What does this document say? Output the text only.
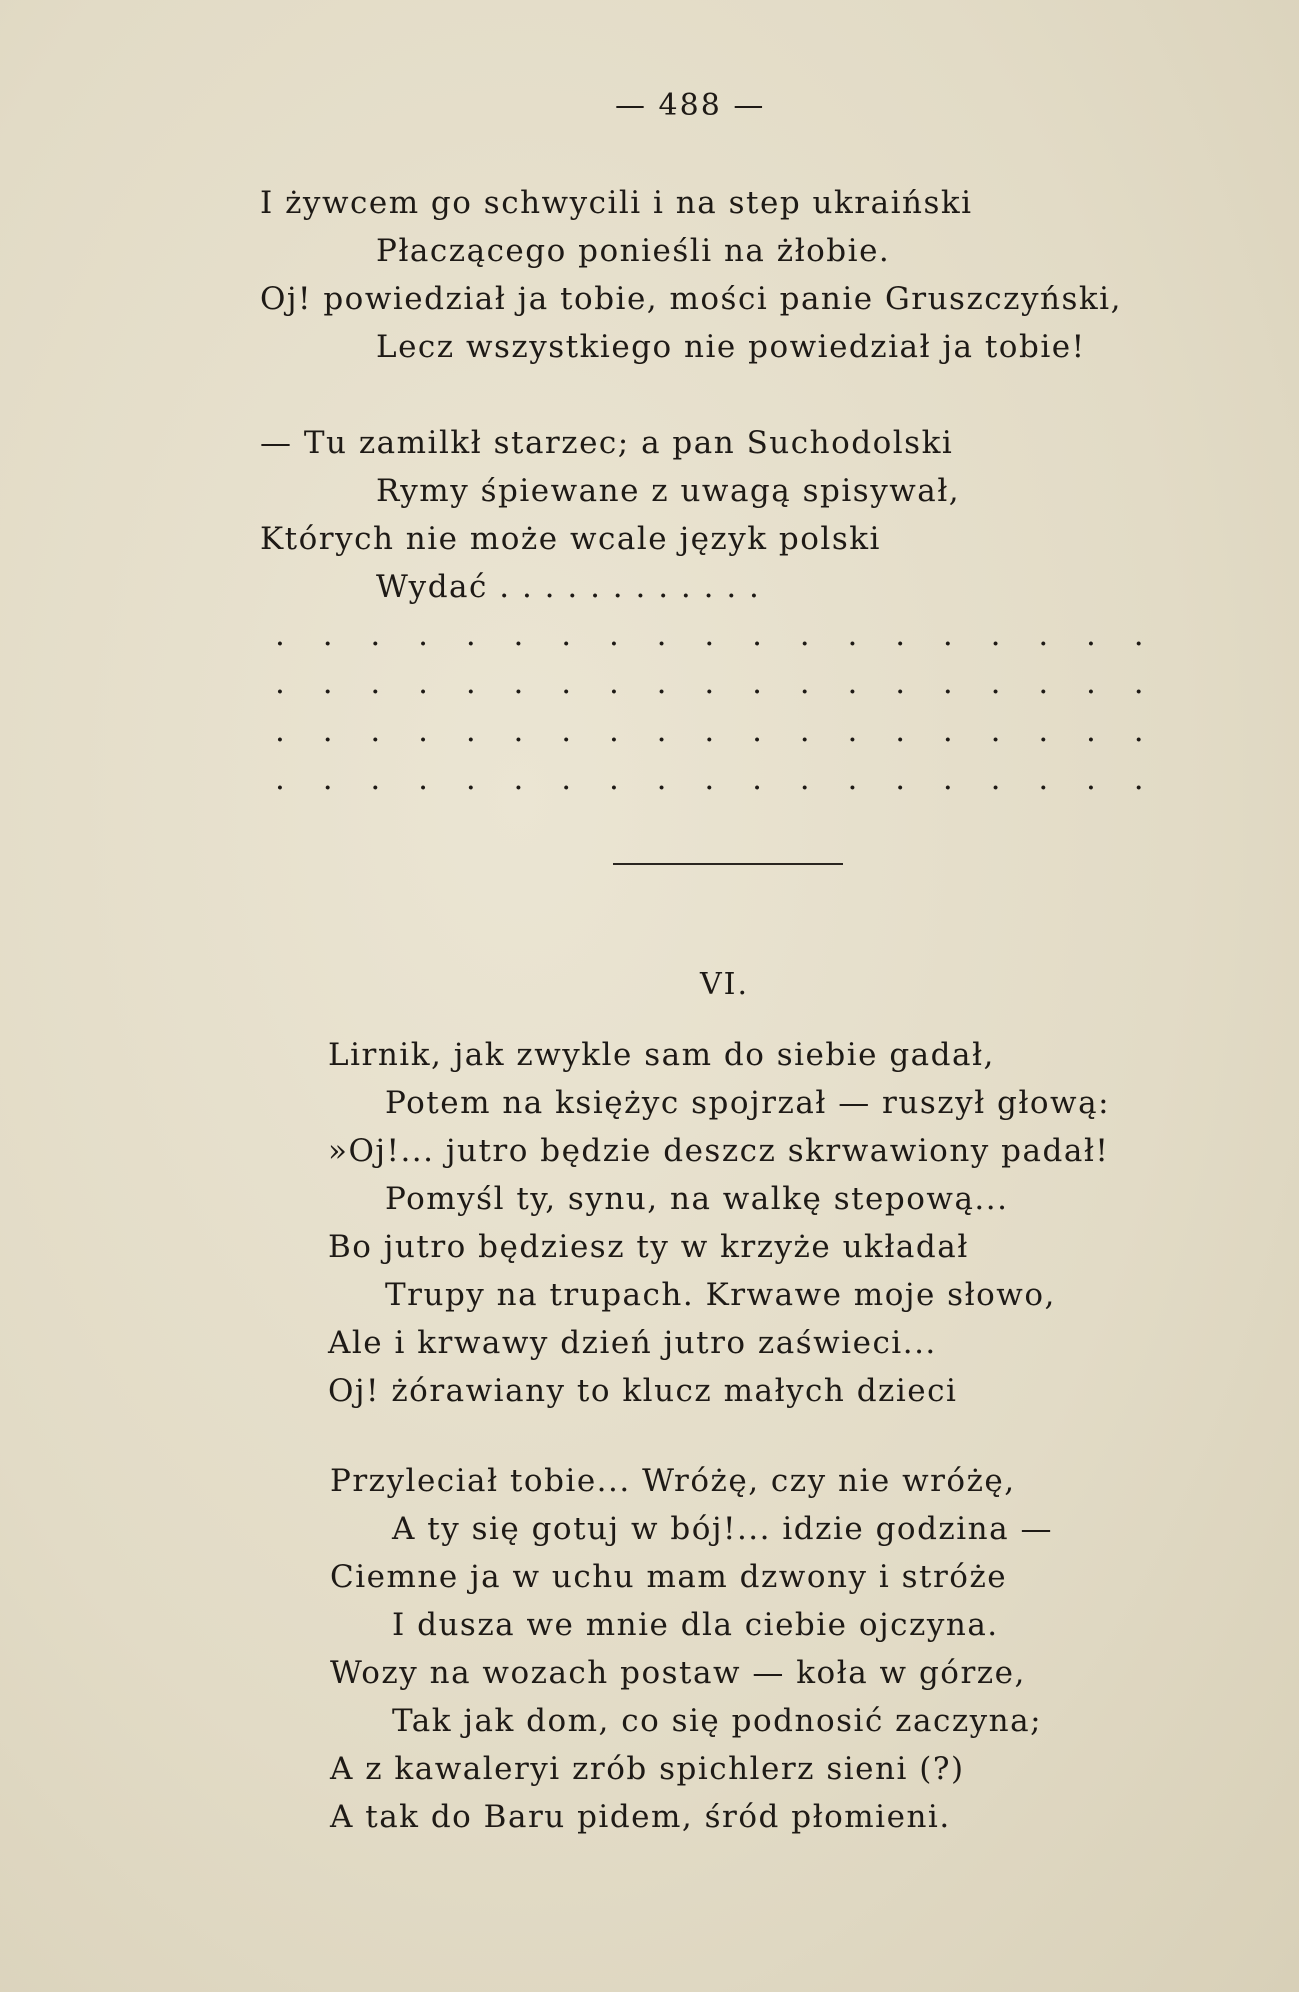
— 488 —
I żywcem go schwycili i na step ukraiński
Płaczącego ponieśli na żłobie.
Oj! powiedział ja tobie, mości panie Gruszczyński,
Lecz wszystkiego nie powiedział ja tobie!
— Tu zamilkł starzec; a pan Suchodolski
Rymy śpiewane z uwagą spisywał,
Których nie może wcale język polski
Wydać . . . . . . . . . . . .
. . . . . . . . . . . . . . . . . . .
. . . . . . . . . . . . . . . . . . .
. . . . . . . . . . . . . . . . . . .
. . . . . . . . . . . . . . . . . . .
VI.
Lirnik, jak zwykle sam do siebie gadał,
Potem na księżyc spojrzał — ruszył głową:
»Oj!... jutro będzie deszcz skrwawiony padał!
Pomyśl ty, synu, na walkę stepową...
Bo jutro będziesz ty w krzyże układał
Trupy na trupach. Krwawe moje słowo,
Ale i krwawy dzień jutro zaświeci...
Oj! żórawiany to klucz małych dzieci
Przyleciał tobie... Wróżę, czy nie wróżę,
A ty się gotuj w bój!... idzie godzina —
Ciemne ja w uchu mam dzwony i stróże
I dusza we mnie dla ciebie ojczyna.
Wozy na wozach postaw — koła w górze,
Tak jak dom, co się podnosić zaczyna;
A z kawaleryi zrób spichlerz sieni (?)
A tak do Baru pidem, śród płomieni.
